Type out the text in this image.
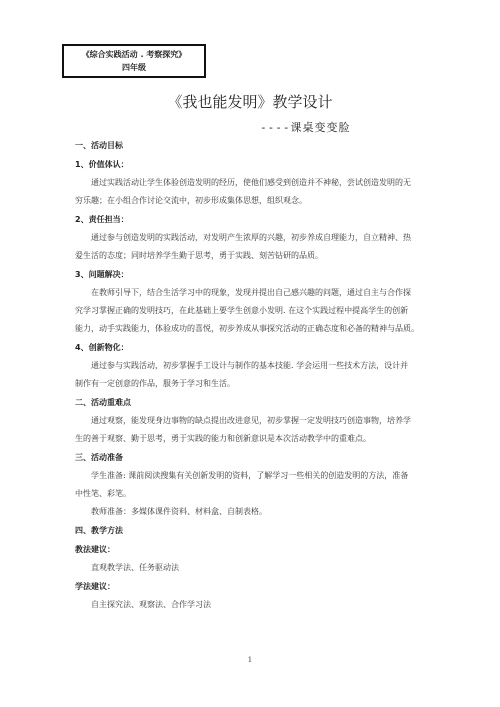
《综合实践活动 . 考察探究》
四年级
《我也能发明》教学设计
----课桌变变脸
一、活动目标
1、价值体认：

通过实践活动让学生体验创造发明的经历，使他们感受到创造并不神秘，尝试创造发明的无

穷乐趣；在小组合作讨论交流中，初步形成集体思想，组织观念。

2、责任担当：

通过参与创造发明的实践活动，对发明产生浓厚的兴趣，初步养成自理能力，自立精神、热

爱生活的态度；同时培养学生勤于思考，勇于实践、刻苦钻研的品质。

3、问题解决：

在教师引导下，结合生活学习中的现象，发现并提出自己感兴趣的问题，通过自主与合作探

究学习掌握正确的发明技巧，在此基础上要学生创意小发明. 在这个实践过程中提高学生的创新

能力，动手实践能力，体验成功的喜悦，初步养成从事探究活动的正确态度和必备的精神与品质。

4、创新物化：

通过参与实践活动，初步掌握手工设计与制作的基本技能. 学会运用一些技术方法，设计并

制作有一定创意的作品，服务于学习和生活。

二、活动重难点

通过观察，能发现身边事物的缺点提出改进意见，初步掌握一定发明技巧创造事物，培养学

生的善于观察、勤于思考，勇于实践的能力和创新意识是本次活动教学中的重难点。

三、活动准备

学生准备: 课前阅读搜集有关创新发明的资料，了解学习一些相关的创造发明的方法，准备

中性笔、彩笔。

教师准备：多媒体课件资料、材料盒、自制表格。

四、教学方法
教法建议：

直观教学法、任务驱动法

学法建议：

自主探究法、观察法、合作学习法

1
